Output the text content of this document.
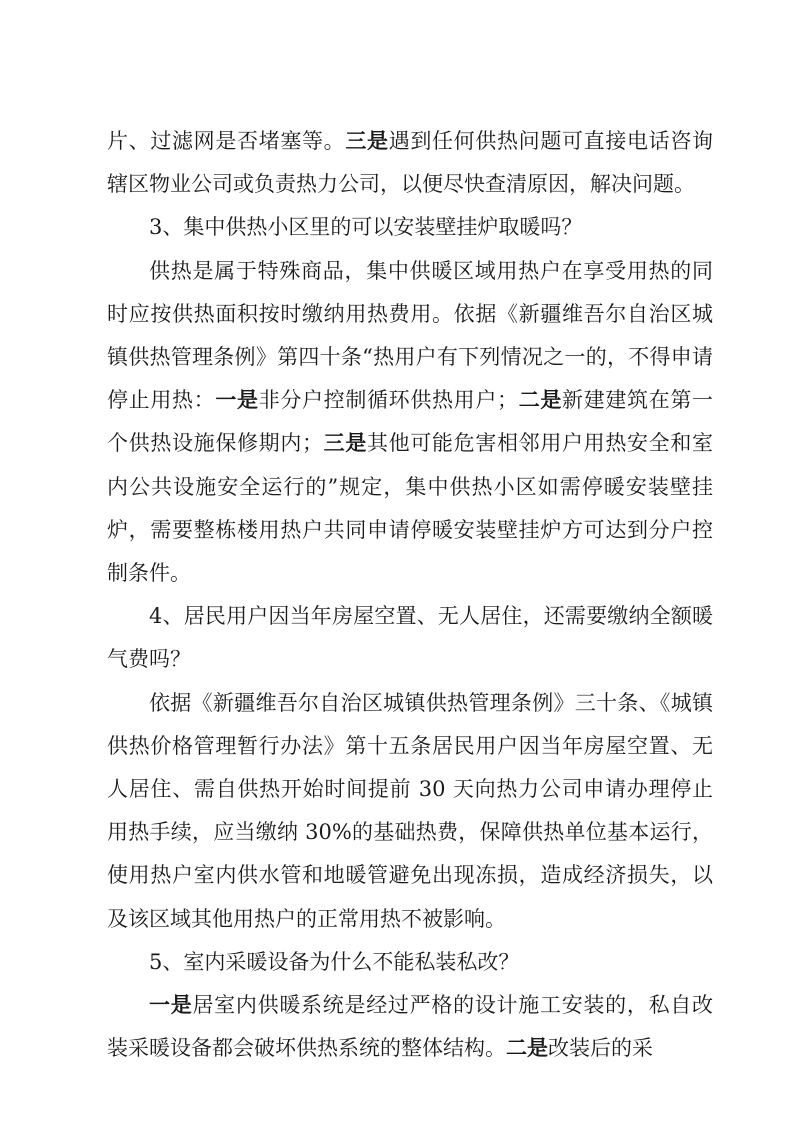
片、过滤网是否堵塞等。三是遇到任何供热问题可直接电话咨询辖区物业公司或负责热力公司，以便尽快查清原因，解决问题。

3、集中供热小区里的可以安装壁挂炉取暖吗？

供热是属于特殊商品，集中供暖区域用热户在享受用热的同时应按供热面积按时缴纳用热费用。依据《新疆维吾尔自治区城镇供热管理条例》第四十条“热用户有下列情况之一的，不得申请停止用热：一是非分户控制循环供热用户；二是新建建筑在第一个供热设施保修期内；三是其他可能危害相邻用户用热安全和室内公共设施安全运行的”规定，集中供热小区如需停暖安装壁挂炉，需要整栋楼用热户共同申请停暖安装壁挂炉方可达到分户控制条件。

4、居民用户因当年房屋空置、无人居住，还需要缴纳全额暖气费吗？

依据《新疆维吾尔自治区城镇供热管理条例》三十条、《城镇供热价格管理暂行办法》第十五条居民用户因当年房屋空置、无人居住、需自供热开始时间提前 30 天向热力公司申请办理停止用热手续，应当缴纳 30%的基础热费，保障供热单位基本运行，使用热户室内供水管和地暖管避免出现冻损，造成经济损失，以及该区域其他用热户的正常用热不被影响。

5、室内采暖设备为什么不能私装私改？

一是居室内供暖系统是经过严格的设计施工安装的，私自改装采暖设备都会破坏供热系统的整体结构。二是改装后的采
